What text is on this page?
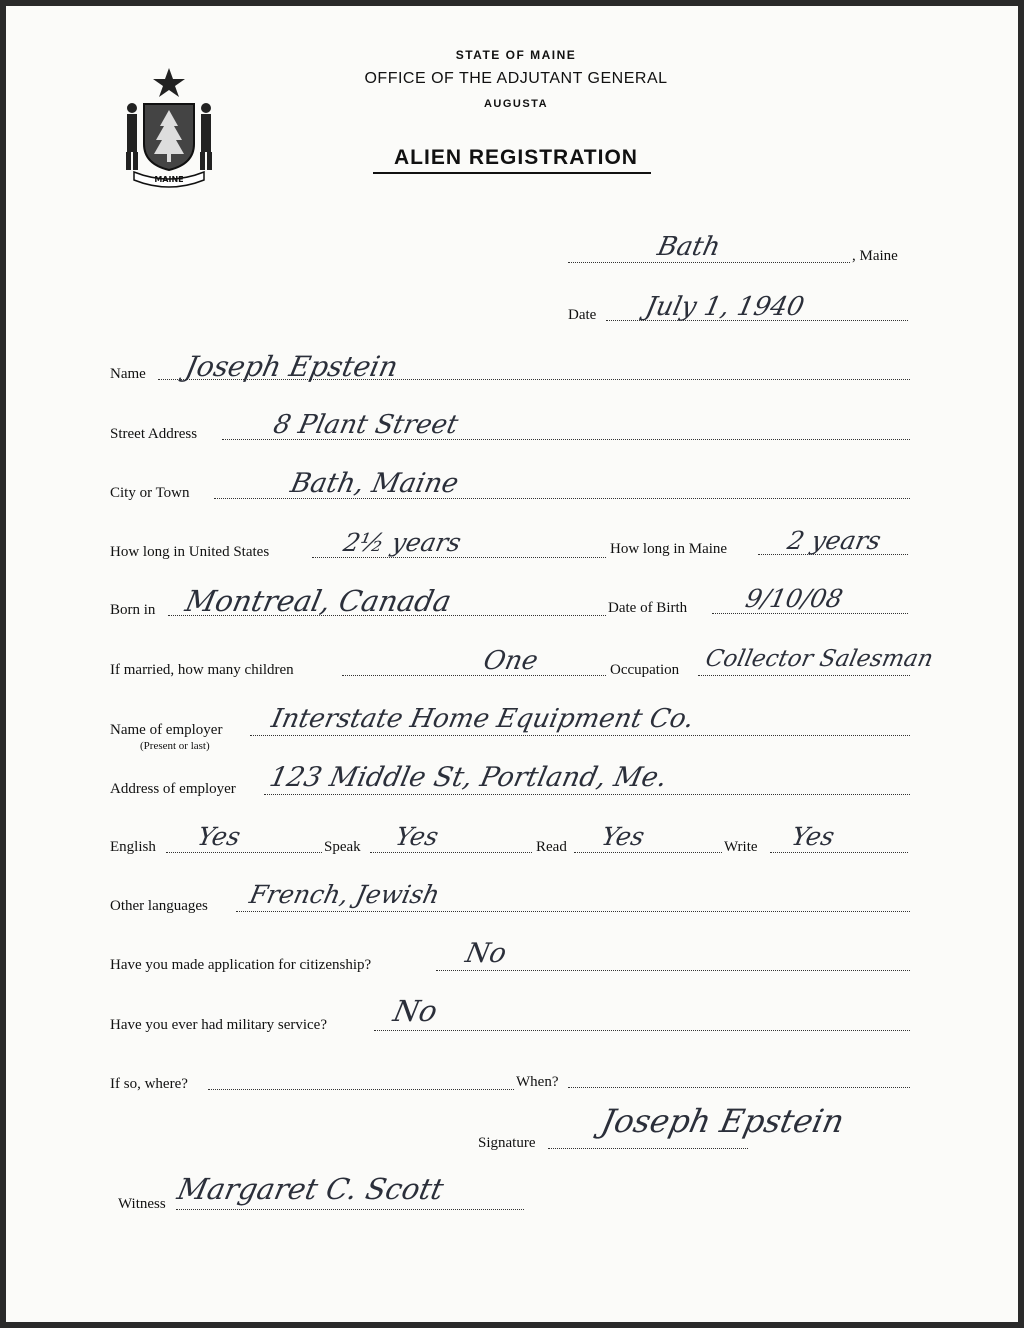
MAINE
STATE OF MAINE
OFFICE OF THE ADJUTANT GENERAL
AUGUSTA
ALIEN REGISTRATION
Bath	, Maine
Date July 1, 1940
Name Joseph Epstein
Street Address	8 Plant Street
City or Town	Bath, Maine
How long in United States	2½ years	How long in Maine 2 years
Born in Montreal, Canada	Date of Birth 9/10/08
If married, how many children	One	Occupation Collector Salesman
Name of employer
(Present or last)
Interstate Home Equipment Co.
Address of employer 123 Middle St, Portland, Me.
English Yes	Speak Yes	Read Yes	Write Yes
Other languages French, Jewish
Have you made application for citizenship?	No
Have you ever had military service? No
If so, where?	When?
Signature
Joseph Epstein
Witness Margaret C. Scott
